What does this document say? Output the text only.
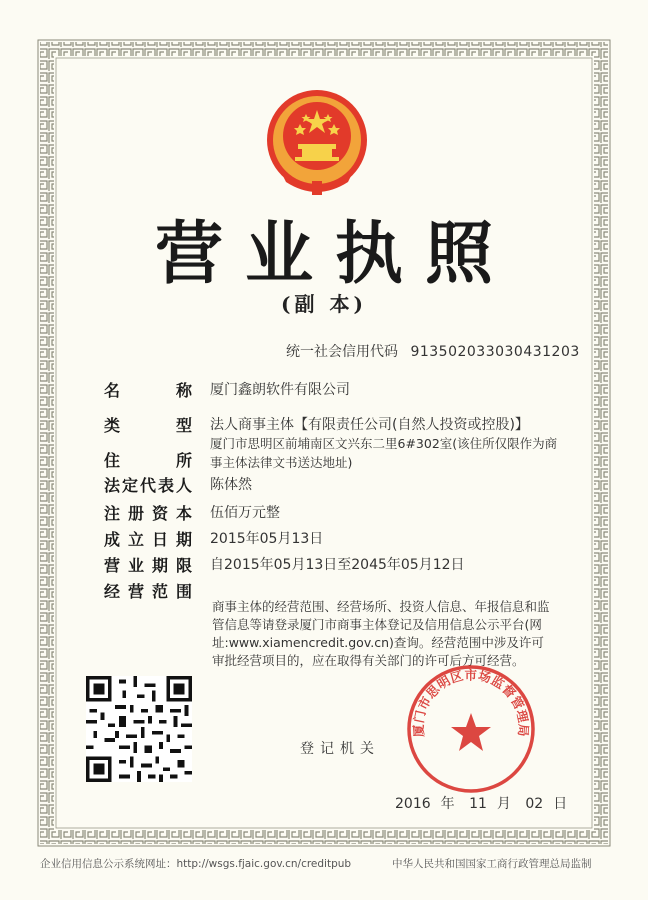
营业执照
(副 本)
统一社会信用代码 913502033030431203
名	称 厦门鑫朗软件有限公司
类	型 法人商事主体【有限责任公司(自然人投资或控股)】
住	所
厦门市思明区前埔南区文兴东二里6#302室(该住所仅限作为商事主体法律文书送达地址)
法 定 代 表 人 陈体然
注 册 资 本 伍佰万元整
成 立 日 期 2015年05月13日
营 业 期 限 自2015年05月13日至2045年05月12日
经 营 范 围
商事主体的经营范围、经营场所、投资人信息、年报信息和监管信息等请登录厦门市商事主体登记及信用信息公示平台(网址:www.xiamencredit.gov.cn)查询。经营范围中涉及许可审批经营项目的，应在取得有关部门的许可后方可经营。
登记机关
厦门市思明区市场监督管理局
2016 年 11 月 02 日
企业信用信息公示系统网址：http://wsgs.fjaic.gov.cn/creditpub	中华人民共和国国家工商行政管理总局监制
